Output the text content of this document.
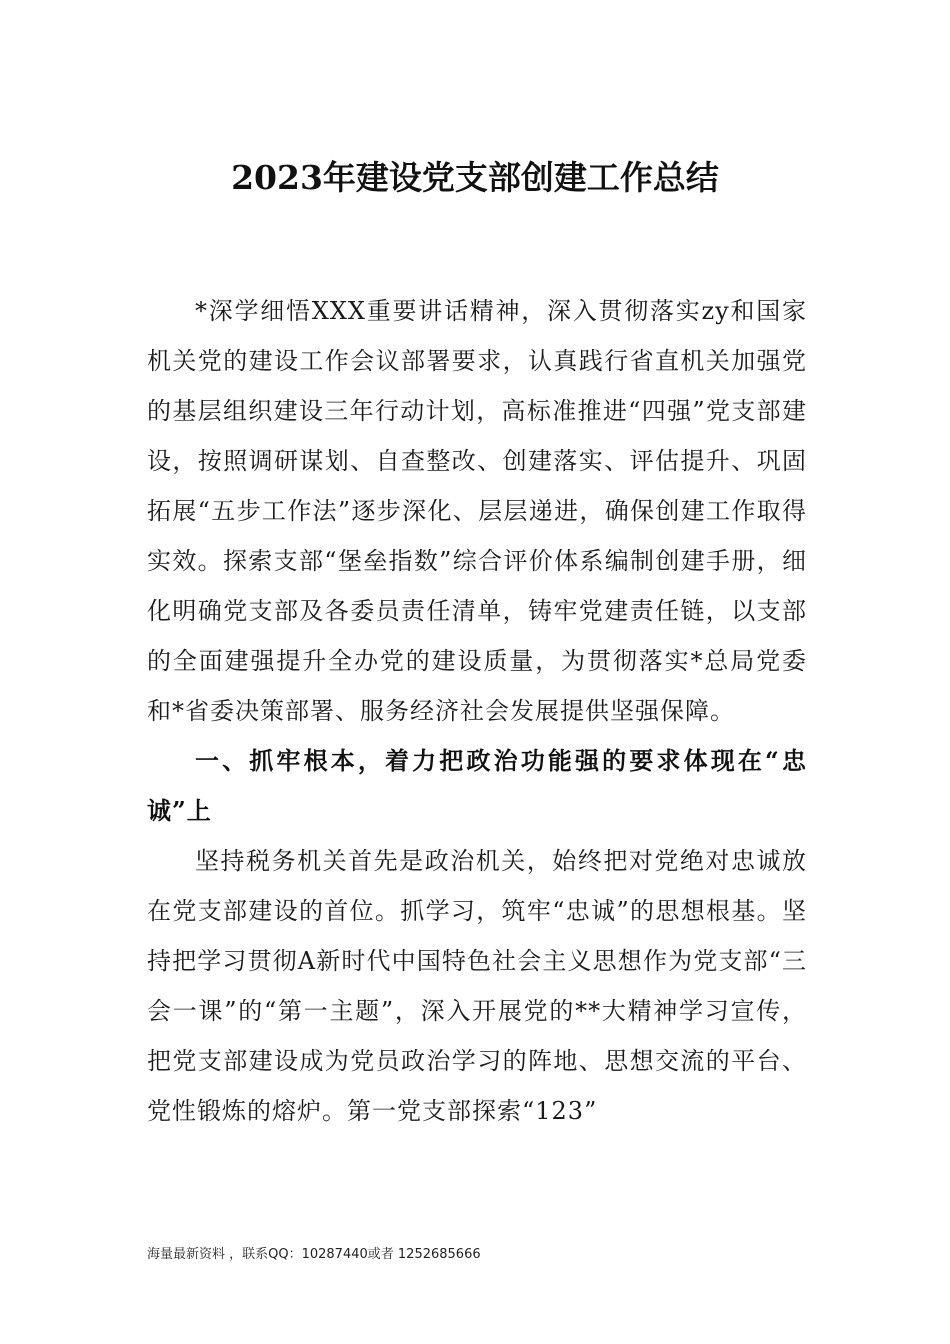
2023年建设党支部创建工作总结

*深学细悟XXX重要讲话精神，深入贯彻落实zy和国家机关党的建设工作会议部署要求，认真践行省直机关加强党的基层组织建设三年行动计划，高标准推进“四强”党支部建设，按照调研谋划、自查整改、创建落实、评估提升、巩固拓展“五步工作法”逐步深化、层层递进，确保创建工作取得实效。探索支部“堡垒指数”综合评价体系编制创建手册，细化明确党支部及各委员责任清单，铸牢党建责任链，以支部的全面建强提升全办党的建设质量，为贯彻落实*总局党委和*省委决策部署、服务经济社会发展提供坚强保障。

一、抓牢根本，着力把政治功能强的要求体现在“忠诚”上

坚持税务机关首先是政治机关，始终把对党绝对忠诚放在党支部建设的首位。抓学习，筑牢“忠诚”的思想根基。坚持把学习贯彻A新时代中国特色社会主义思想作为党支部“三会一课”的“第一主题”，深入开展党的**大精神学习宣传，把党支部建设成为党员政治学习的阵地、思想交流的平台、党性锻炼的熔炉。第一党支部探索“123”

海量最新资料 ，联系QQ：10287440或者 1252685666
